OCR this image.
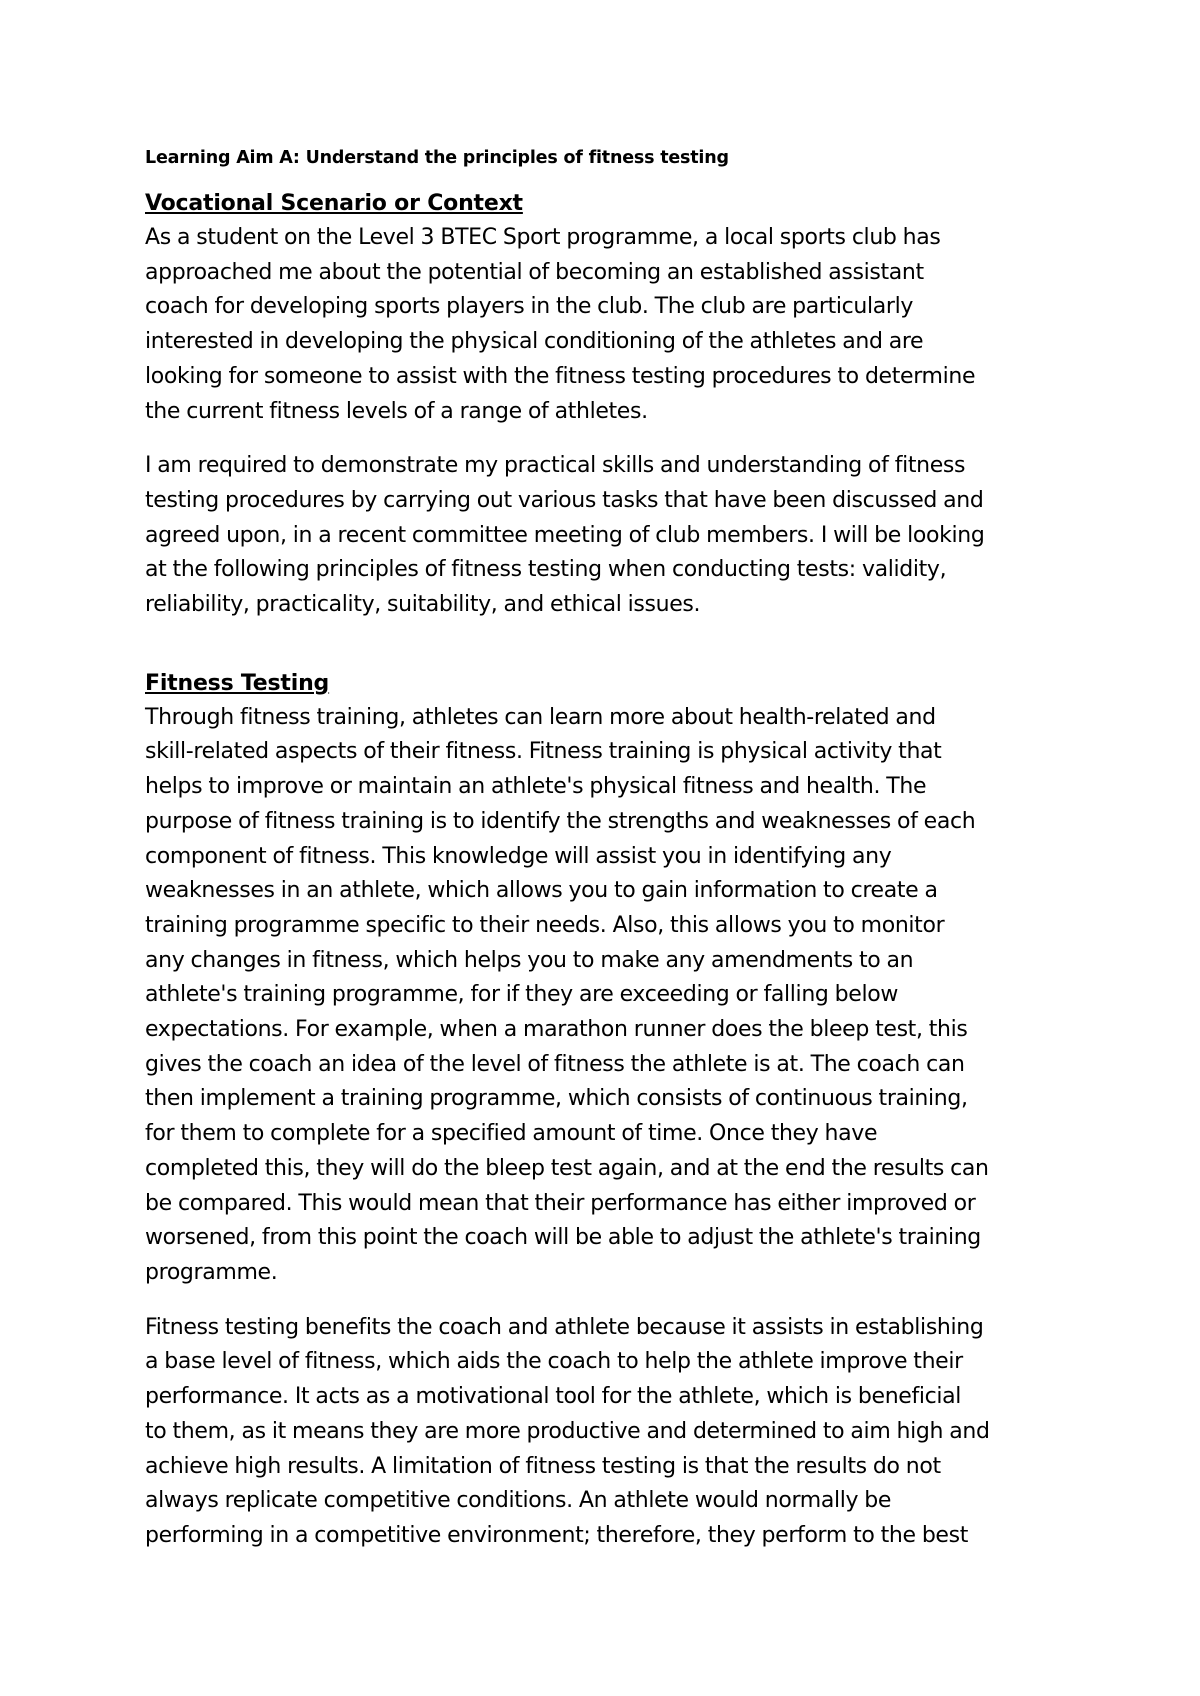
Learning Aim A: Understand the principles of fitness testing
Vocational Scenario or Context

As a student on the Level 3 BTEC Sport programme, a local sports club has
approached me about the potential of becoming an established assistant
coach for developing sports players in the club. The club are particularly
interested in developing the physical conditioning of the athletes and are
looking for someone to assist with the fitness testing procedures to determine
the current fitness levels of a range of athletes.

I am required to demonstrate my practical skills and understanding of fitness
testing procedures by carrying out various tasks that have been discussed and
agreed upon, in a recent committee meeting of club members. I will be looking
at the following principles of fitness testing when conducting tests: validity,
reliability, practicality, suitability, and ethical issues.

Fitness Testing

Through fitness training, athletes can learn more about health-related and
skill-related aspects of their fitness. Fitness training is physical activity that
helps to improve or maintain an athlete's physical fitness and health. The
purpose of fitness training is to identify the strengths and weaknesses of each
component of fitness. This knowledge will assist you in identifying any
weaknesses in an athlete, which allows you to gain information to create a
training programme specific to their needs. Also, this allows you to monitor
any changes in fitness, which helps you to make any amendments to an
athlete's training programme, for if they are exceeding or falling below
expectations. For example, when a marathon runner does the bleep test, this
gives the coach an idea of the level of fitness the athlete is at. The coach can
then implement a training programme, which consists of continuous training,
for them to complete for a specified amount of time. Once they have
completed this, they will do the bleep test again, and at the end the results can
be compared. This would mean that their performance has either improved or
worsened, from this point the coach will be able to adjust the athlete's training
programme.

Fitness testing benefits the coach and athlete because it assists in establishing
a base level of fitness, which aids the coach to help the athlete improve their
performance. It acts as a motivational tool for the athlete, which is beneficial
to them, as it means they are more productive and determined to aim high and
achieve high results. A limitation of fitness testing is that the results do not
always replicate competitive conditions. An athlete would normally be
performing in a competitive environment; therefore, they perform to the best
